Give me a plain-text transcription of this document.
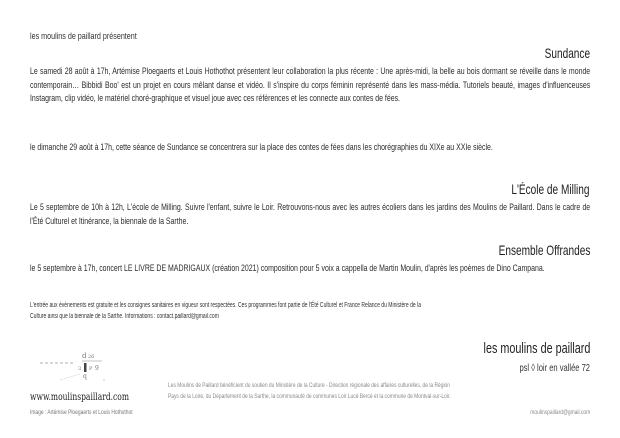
les moulins de paillard présentent
Sundance
Le samedi 28 août à 17h, Artémise Ploegaerts et Louis Hothothot présentent leur collaboration la plus récente : Une après-midi, la belle au bois dormant se réveille dans le monde contemporain… Bibbidi Boo' est un projet en cours mêlant danse et vidéo. Il s'inspire du corps féminin représenté dans les mass-média. Tutoriels beauté, images d'influenceuses Instagram, clip vidéo, le matériel choré-graphique et visuel joue avec ces références et les connecte aux contes de fées.
le dimanche 29 août à 17h, cette séance de Sundance se concentrera sur la place des contes de fées dans les chorégraphies du XIXe au XXIe siècle.
L'École de Milling
Le 5 septembre de 10h à 12h, L'école de Milling. Suivre l'enfant, suivre le Loir. Retrouvons-nous avec les autres écoliers dans les jardins des Moulins de Paillard. Dans le cadre de l'Été Culturel et Itinérance, la biennale de la Sarthe.
Ensemble Offrandes
le 5 septembre à 17h, concert LE LIVRE DE MADRIGAUX (création 2021) composition pour 5 voix a cappella de Martin Moulin, d'après les poèmes de Dino Campana.
L'entrée aux évènements est gratuite et les consignes sanitaires en vigueur sont respectées. Ces programmes font partie de l'Été Culturel et France Relance du Ministère de la
Culture ainsi que la biennale de la Sarthe. Informations : contact.paillard@gmail.com
d 26
3 P 9
q
les moulins de paillard
psl ◊ loir en vallée 72
www.moulinspaillard.com
Image : Artémise Ploegaerts et Louis Hothothot
Les Moulins de Paillard bénéficient du soutien du Ministère de la Culture - Direction régionale des affaires culturelles, de la Région
Pays de la Loire, du Département de la Sarthe, la communauté de communes Loir Lucé Bercé et la commune de Montval-sur-Loir.
moulinspaillard@gmail.com
